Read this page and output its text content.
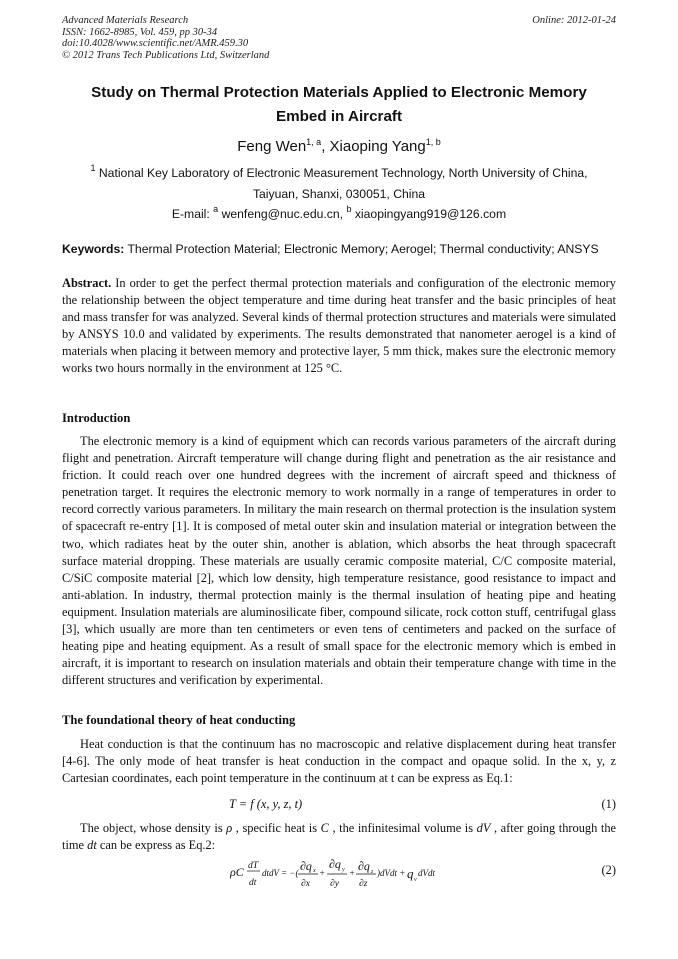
Advanced Materials Research
ISSN: 1662-8985, Vol. 459, pp 30-34
doi:10.4028/www.scientific.net/AMR.459.30
© 2012 Trans Tech Publications Ltd, Switzerland
Online: 2012-01-24
Study on Thermal Protection Materials Applied to Electronic Memory
Embed in Aircraft
Feng Wen$^{1, a}$, Xiaoping Yang$^{1, b}$
$^1$ National Key Laboratory of Electronic Measurement Technology, North University of China,
Taiyuan, Shanxi, 030051, China
E-mail: $^a$ wenfeng@nuc.edu.cn, $^b$ xiaopingyang919@126.com
Keywords: Thermal Protection Material; Electronic Memory; Aerogel; Thermal conductivity; ANSYS
Abstract. In order to get the perfect thermal protection materials and configuration of the electronic memory the relationship between the object temperature and time during heat transfer and the basic principles of heat and mass transfer for was analyzed. Several kinds of thermal protection structures and materials were simulated by ANSYS 10.0 and validated by experiments. The results demonstrated that nanometer aerogel is a kind of materials when placing it between memory and protective layer, 5 mm thick, makes sure the electronic memory works two hours normally in the environment at 125 °C.
Introduction

The electronic memory is a kind of equipment which can records various parameters of the aircraft during flight and penetration. Aircraft temperature will change during flight and penetration as the air resistance and friction. It could reach over one hundred degrees with the increment of aircraft speed and thickness of penetration target. It requires the electronic memory to work normally in a range of temperatures in order to record correctly various parameters. In military the main research on thermal protection is the insulation system of spacecraft re-entry [1]. It is composed of metal outer skin and insulation material or integration between the two, which radiates heat by the outer shin, another is ablation, which absorbs the heat through spacecraft surface material dropping. These materials are usually ceramic composite material, C/C composite material, C/SiC composite material [2], which low density, high temperature resistance, good resistance to impact and anti-ablation. In industry, thermal protection mainly is the thermal insulation of heating pipe and heating equipment. Insulation materials are aluminosilicate fiber, compound silicate, rock cotton stuff, centrifugal glass [3], which usually are more than ten centimeters or even tens of centimeters and packed on the surface of heating pipe and heating equipment. As a result of small space for the electronic memory which is embed in aircraft, it is important to research on insulation materials and obtain their temperature change with time in the different structures and verification by experimental.

The foundational theory of heat conducting

Heat conduction is that the continuum has no macroscopic and relative displacement during heat transfer [4-6]. The only mode of heat transfer is heat conduction in the compact and opaque solid. In the x, y, z Cartesian coordinates, each point temperature in the continuum at t can be express as Eq.1:

T = f (x, y, z, t)	(1)

The object, whose density is ρ , specific heat is C , the infinitesimal volume is dV , after going through the time dt can be express as Eq.2:

ρC dT
dt
dtdV = −( ∂q x
∂x
+
∂q y
∂y
+ ∂q z
∂z
)dVdt + q v
dVdt	(2)
